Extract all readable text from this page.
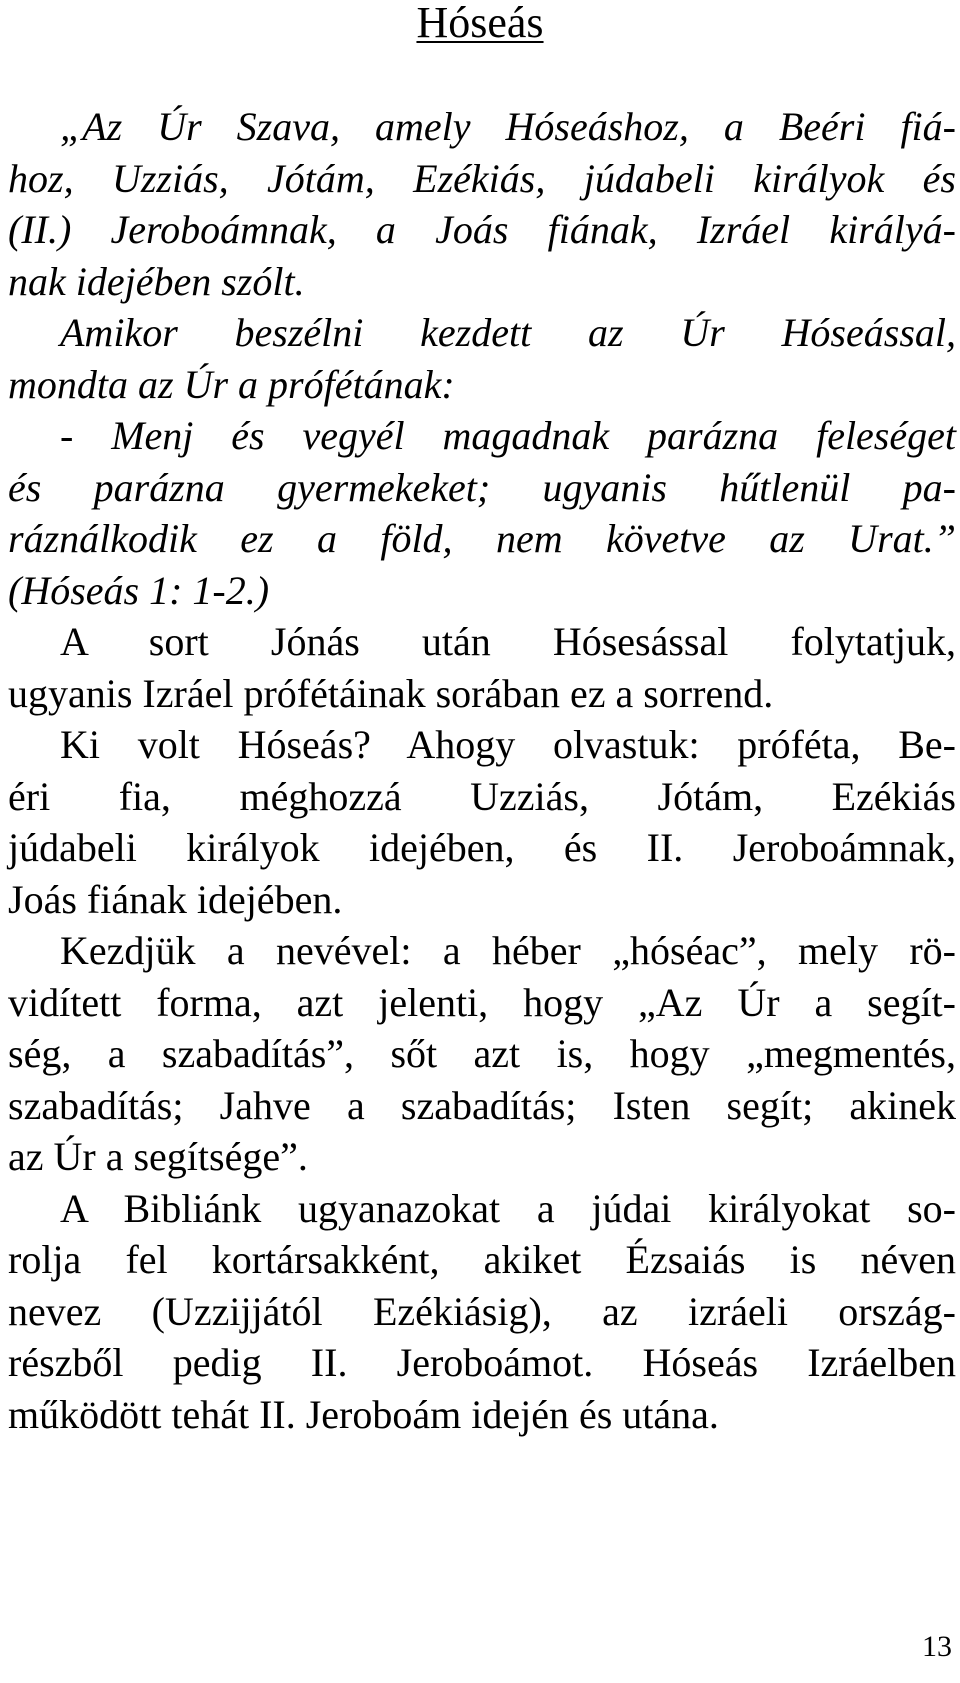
Hóseás
„Az Úr Szava, amely Hóseáshoz, a Beéri fiá-
hoz, Uzziás, Jótám, Ezékiás, júdabeli királyok és
(II.) Jeroboámnak, a Joás fiának, Izráel királyá-
nak idejében szólt.
Amikor beszélni kezdett az Úr Hóseással,
mondta az Úr a prófétának:
- Menj és vegyél magadnak parázna feleséget
és parázna gyermekeket; ugyanis hűtlenül pa-
ráználkodik ez a föld, nem követve az Urat.”
(Hóseás 1: 1-2.)
A sort Jónás után Hósesással folytatjuk,
ugyanis Izráel prófétáinak sorában ez a sorrend.
Ki volt Hóseás? Ahogy olvastuk: próféta, Be-
éri fia, méghozzá Uzziás, Jótám, Ezékiás
júdabeli királyok idejében, és II. Jeroboámnak,
Joás fiának idejében.
Kezdjük a nevével: a héber „hóséac”, mely rö-
vidített forma, azt jelenti, hogy „Az Úr a segít-
ség, a szabadítás”, sőt azt is, hogy „megmentés,
szabadítás; Jahve a szabadítás; Isten segít; akinek
az Úr a segítsége”.
A Bibliánk ugyanazokat a júdai királyokat so-
rolja fel kortársakként, akiket Ézsaiás is néven
nevez (Uzzijjától Ezékiásig), az izráeli ország-
részből pedig II. Jeroboámot. Hóseás Izráelben
működött tehát II. Jeroboám idején és utána.
13
